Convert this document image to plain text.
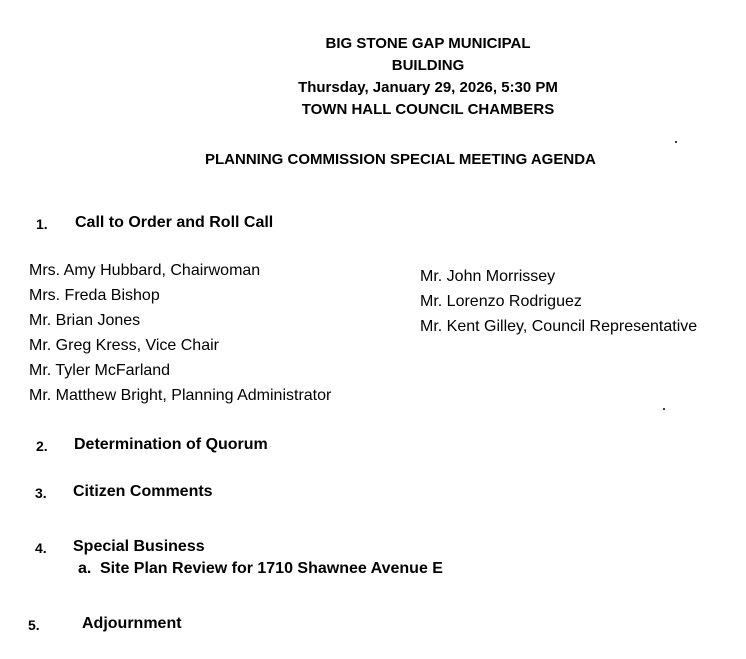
BIG STONE GAP MUNICIPAL
BUILDING
Thursday, January 29, 2026, 5:30 PM
TOWN HALL COUNCIL CHAMBERS
PLANNING COMMISSION SPECIAL MEETING AGENDA
1. Call to Order and Roll Call
Mrs. Amy Hubbard, Chairwoman
Mrs. Freda Bishop
Mr. Brian Jones
Mr. Greg Kress, Vice Chair
Mr. Tyler McFarland
Mr. Matthew Bright, Planning Administrator
Mr. John Morrissey
Mr. Lorenzo Rodriguez
Mr. Kent Gilley, Council Representative
2. Determination of Quorum
3. Citizen Comments
4. Special Business
a. Site Plan Review for 1710 Shawnee Avenue E
5.	Adjournment
